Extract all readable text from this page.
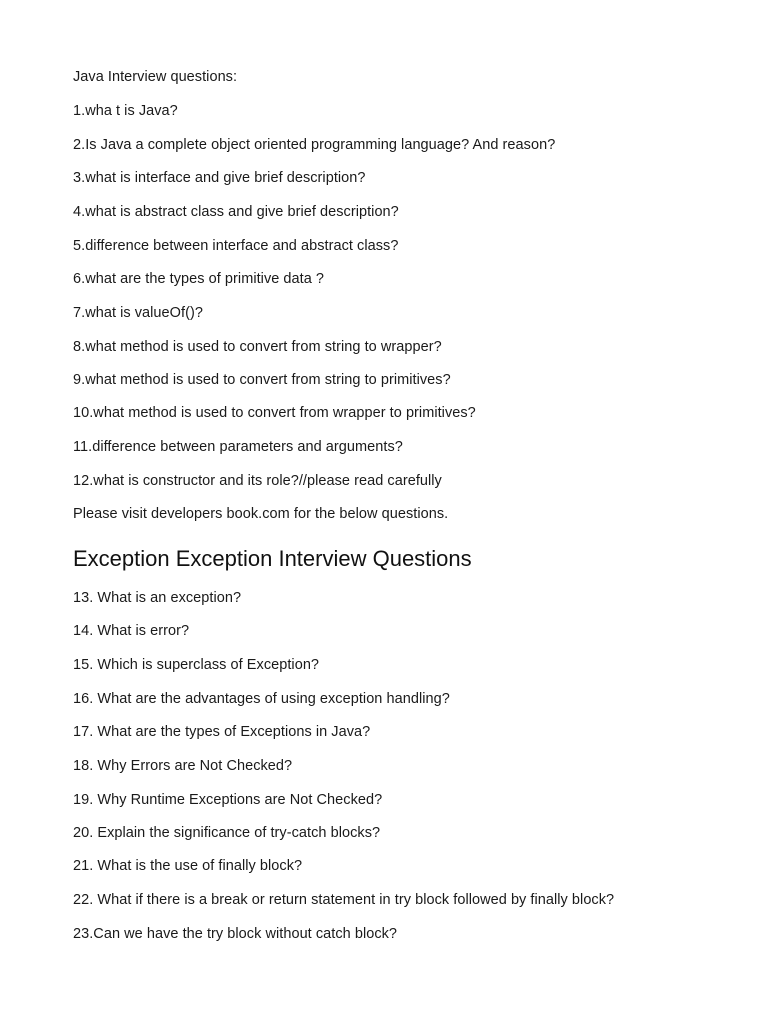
Java Interview questions:
1.wha t is Java?
2.Is Java a complete object oriented programming language? And reason?
3.what is interface and give brief description?
4.what is abstract class and give brief description?
5.difference between interface and abstract class?
6.what are the types of primitive data ?
7.what is valueOf()?
8.what method is used to convert from string to wrapper?
9.what method is used to convert from string to primitives?
10.what method is used to convert from wrapper to primitives?
11.difference between parameters and arguments?
12.what is constructor and its role?//please read carefully
Please visit developers book.com for the below questions.
Exception Exception Interview Questions
13. What is an exception?
14. What is error?
15. Which is superclass of Exception?
16. What are the advantages of using exception handling?
17. What are the types of Exceptions in Java?
18. Why Errors are Not Checked?
19. Why Runtime Exceptions are Not Checked?
20. Explain the significance of try-catch blocks?
21. What is the use of finally block?
22. What if there is a break or return statement in try block followed by finally block?
23.Can we have the try block without catch block?
